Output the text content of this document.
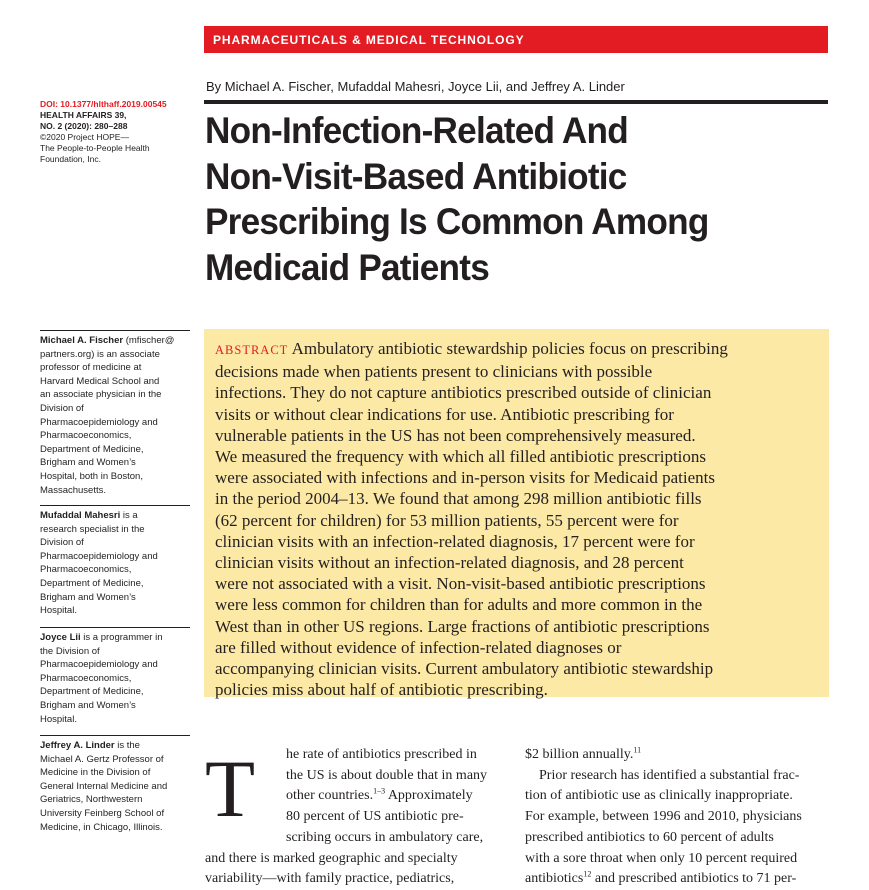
PHARMACEUTICALS & MEDICAL TECHNOLOGY
By Michael A. Fischer, Mufaddal Mahesri, Joyce Lii, and Jeffrey A. Linder
DOI: 10.1377/hlthaff.2019.00545
HEALTH AFFAIRS 39,
NO. 2 (2020): 280–288
©2020 Project HOPE—
The People-to-People Health
Foundation, Inc.
Non-Infection-Related And
Non-Visit-Based Antibiotic
Prescribing Is Common Among
Medicaid Patients
Michael A. Fischer (mfischer@
partners.org) is an associate
professor of medicine at
Harvard Medical School and
an associate physician in the
Division of
Pharmacoepidemiology and
Pharmacoeconomics,
Department of Medicine,
Brigham and Women’s
Hospital, both in Boston,
Massachusetts.
Mufaddal Mahesri is a
research specialist in the
Division of
Pharmacoepidemiology and
Pharmacoeconomics,
Department of Medicine,
Brigham and Women’s
Hospital.
Joyce Lii is a programmer in
the Division of
Pharmacoepidemiology and
Pharmacoeconomics,
Department of Medicine,
Brigham and Women’s
Hospital.
Jeffrey A. Linder is the
Michael A. Gertz Professor of
Medicine in the Division of
General Internal Medicine and
Geriatrics, Northwestern
University Feinberg School of
Medicine, in Chicago, Illinois.
ABSTRACT Ambulatory antibiotic stewardship policies focus on prescribing
decisions made when patients present to clinicians with possible
infections. They do not capture antibiotics prescribed outside of clinician
visits or without clear indications for use. Antibiotic prescribing for
vulnerable patients in the US has not been comprehensively measured.
We measured the frequency with which all filled antibiotic prescriptions
were associated with infections and in-person visits for Medicaid patients
in the period 2004–13. We found that among 298 million antibiotic fills
(62 percent for children) for 53 million patients, 55 percent were for
clinician visits with an infection-related diagnosis, 17 percent were for
clinician visits without an infection-related diagnosis, and 28 percent
were not associated with a visit. Non-visit-based antibiotic prescriptions
were less common for children than for adults and more common in the
West than in other US regions. Large fractions of antibiotic prescriptions
are filled without evidence of infection-related diagnoses or
accompanying clinician visits. Current ambulatory antibiotic stewardship
policies miss about half of antibiotic prescribing.
T	he rate of antibiotics prescribed in
the US is about double that in many
other countries.$^{1-3}$ Approximately
80 percent of US antibiotic pre-
scribing occurs in ambulatory care,
and there is marked geographic and specialty
variability—with family practice, pediatrics,
$2 billion annually.$^{11}$
Prior research has identified a substantial frac-
tion of antibiotic use as clinically inappropriate.
For example, between 1996 and 2010, physicians
prescribed antibiotics to 60 percent of adults
with a sore throat when only 10 percent required
antibiotics$^{12}$ and prescribed antibiotics to 71 per-
